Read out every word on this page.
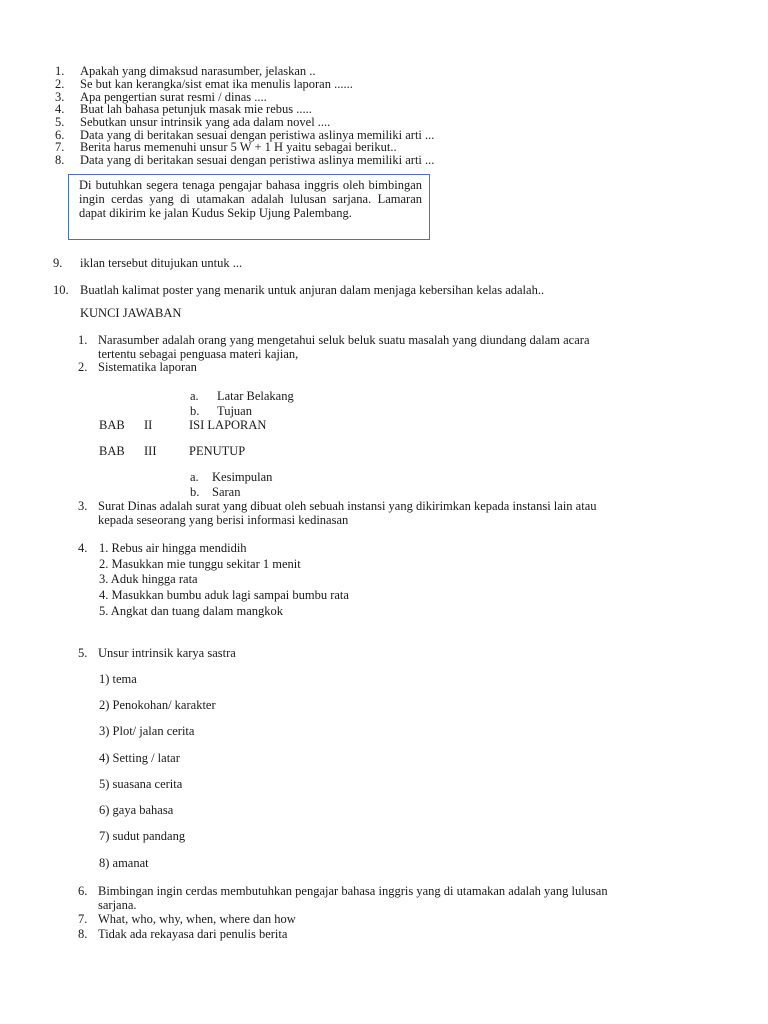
1. Apakah yang dimaksud narasumber, jelaskan ..
2. Se but kan kerangka/sist emat ika menulis laporan ......
3. Apa pengertian surat resmi / dinas ....
4. Buat lah bahasa petunjuk masak mie rebus .....
5. Sebutkan unsur intrinsik yang ada dalam novel ....
6. Data yang di beritakan sesuai dengan peristiwa aslinya memiliki arti ...
7. Berita harus memenuhi unsur 5 W + 1 H yaitu sebagai berikut..
8. Data yang di beritakan sesuai dengan peristiwa aslinya memiliki arti ...
Di butuhkan segera tenaga pengajar bahasa inggris oleh bimbingan ingin cerdas yang di utamakan adalah lulusan sarjana. Lamaran dapat dikirim ke jalan Kudus Sekip Ujung Palembang.
9. iklan tersebut ditujukan untuk ...
10. Buatlah kalimat poster yang menarik untuk anjuran dalam menjaga kebersihan kelas adalah..
KUNCI JAWABAN
1. Narasumber adalah orang yang mengetahui seluk beluk suatu masalah yang diundang dalam acara
tertentu sebagai penguasa materi kajian,
2. Sistematika laporan
a. Latar Belakang
b. Tujuan
BAB II	ISI LAPORAN
BAB III	PENUTUP
a. Kesimpulan
b. Saran
3. Surat Dinas adalah surat yang dibuat oleh sebuah instansi yang dikirimkan kepada instansi lain atau
kepada seseorang yang berisi informasi kedinasan
4. 1. Rebus air hingga mendidih
2. Masukkan mie tunggu sekitar 1 menit
3. Aduk hingga rata
4. Masukkan bumbu aduk lagi sampai bumbu rata
5. Angkat dan tuang dalam mangkok
5. Unsur intrinsik karya sastra
1) tema
2) Penokohan/ karakter
3) Plot/ jalan cerita
4) Setting / latar
5) suasana cerita
6) gaya bahasa
7) sudut pandang
8) amanat
6. Bimbingan ingin cerdas membutuhkan pengajar bahasa inggris yang di utamakan adalah yang lulusan
sarjana.
7. What, who, why, when, where dan how
8. Tidak ada rekayasa dari penulis berita
